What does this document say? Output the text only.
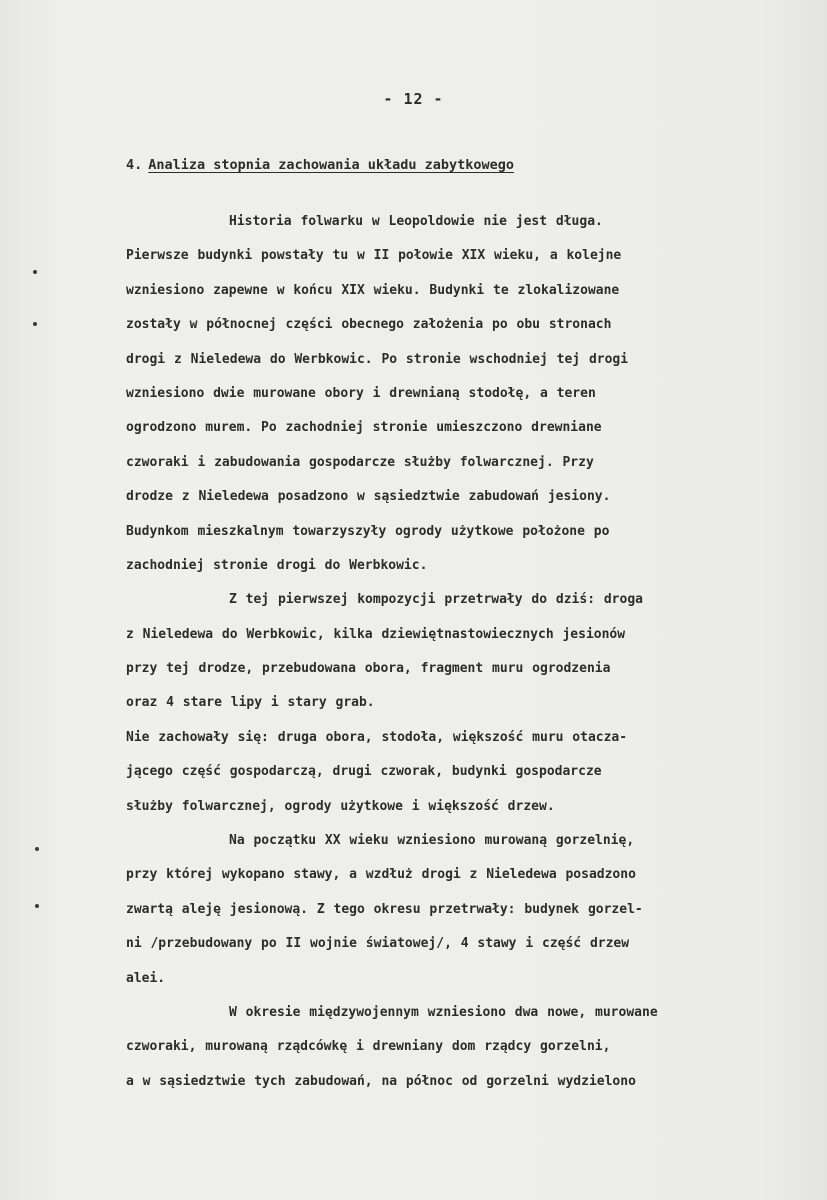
- 12 -
4. Analiza stopnia zachowania układu zabytkowego
Historia folwarku w Leopoldowie nie jest długa.
Pierwsze budynki powstały tu w II połowie XIX wieku, a kolejne
wzniesiono zapewne w końcu XIX wieku. Budynki te zlokalizowane
zostały w północnej części obecnego założenia po obu stronach
drogi z Nieledewa do Werbkowic. Po stronie wschodniej tej drogi
wzniesiono dwie murowane obory i drewnianą stodołę, a teren
ogrodzono murem. Po zachodniej stronie umieszczono drewniane
czworaki i zabudowania gospodarcze służby folwarcznej. Przy
drodze z Nieledewa posadzono w sąsiedztwie zabudowań jesiony.
Budynkom mieszkalnym towarzyszyły ogrody użytkowe położone po
zachodniej stronie drogi do Werbkowic.
Z tej pierwszej kompozycji przetrwały do dziś: droga
z Nieledewa do Werbkowic, kilka dziewiętnastowiecznych jesionów
przy tej drodze, przebudowana obora, fragment muru ogrodzenia
oraz 4 stare lipy i stary grab.
Nie zachowały się: druga obora, stodoła, większość muru otacza-
jącego część gospodarczą, drugi czworak, budynki gospodarcze
służby folwarcznej, ogrody użytkowe i większość drzew.
Na początku XX wieku wzniesiono murowaną gorzelnię,
przy której wykopano stawy, a wzdłuż drogi z Nieledewa posadzono
zwartą aleję jesionową. Z tego okresu przetrwały: budynek gorzel-
ni /przebudowany po II wojnie światowej/, 4 stawy i część drzew
alei.
W okresie międzywojennym wzniesiono dwa nowe, murowane
czworaki, murowaną rządcówkę i drewniany dom rządcy gorzelni,
a w sąsiedztwie tych zabudowań, na północ od gorzelni wydzielono
